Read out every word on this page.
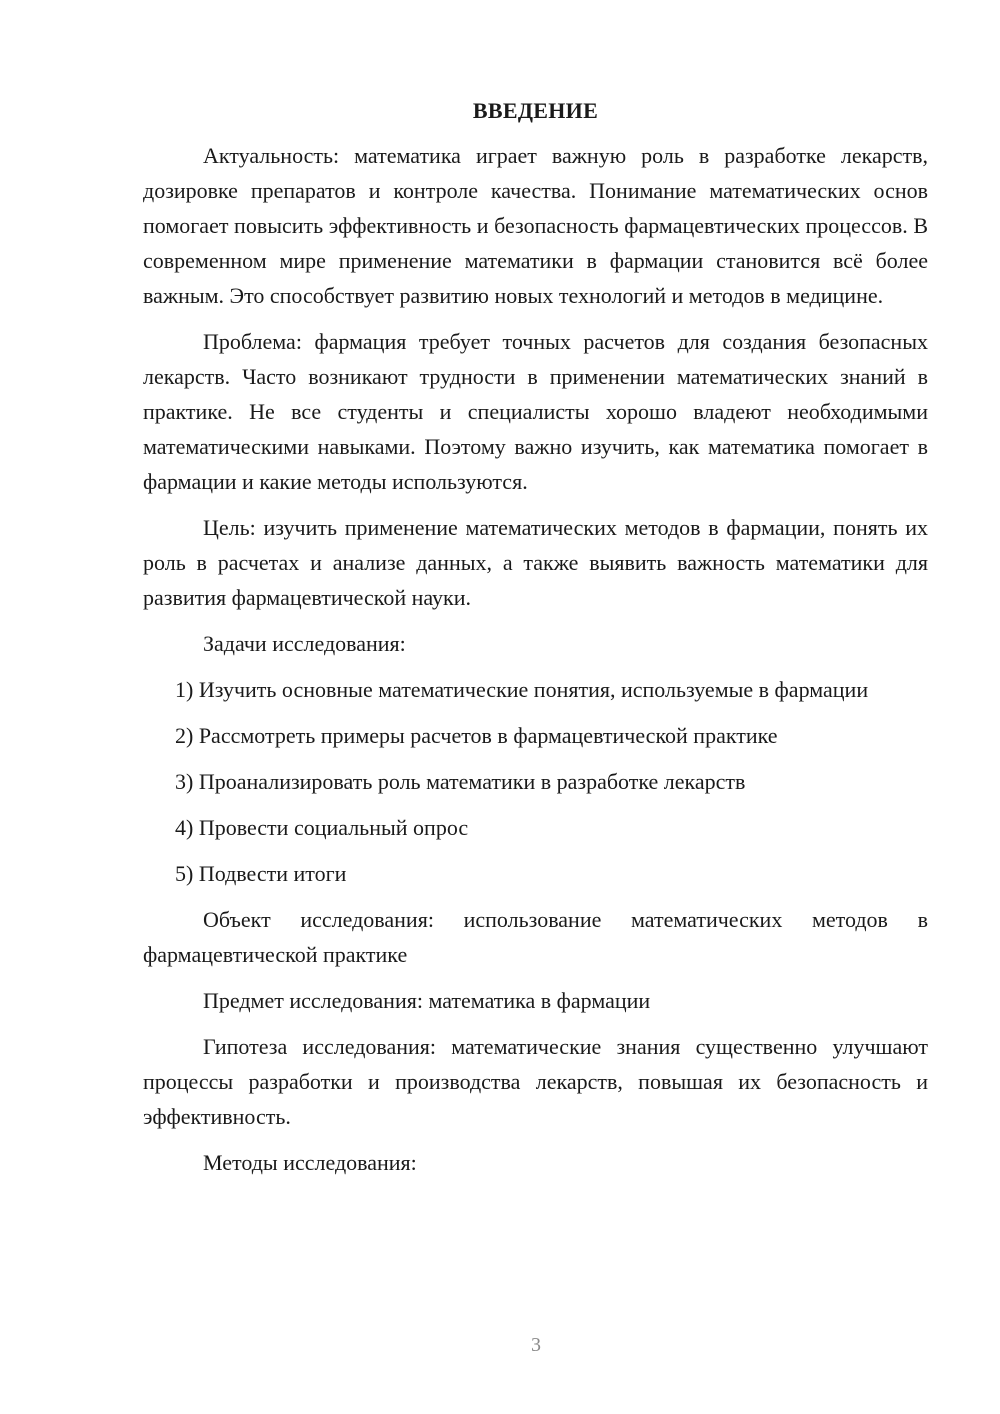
ВВЕДЕНИЕ

Актуальность: математика играет важную роль в разработке лекарств, дозировке препаратов и контроле качества. Понимание математических основ помогает повысить эффективность и безопасность фармацевтических процессов. В современном мире применение математики в фармации становится всё более важным. Это способствует развитию новых технологий и методов в медицине.

Проблема: фармация требует точных расчетов для создания безопасных лекарств. Часто возникают трудности в применении математических знаний в практике. Не все студенты и специалисты хорошо владеют необходимыми математическими навыками. Поэтому важно изучить, как математика помогает в фармации и какие методы используются.

Цель: изучить применение математических методов в фармации, понять их роль в расчетах и анализе данных, а также выявить важность математики для развития фармацевтической науки.

Задачи исследования:

1) Изучить основные математические понятия, используемые в фармации

2) Рассмотреть примеры расчетов в фармацевтической практике

3) Проанализировать роль математики в разработке лекарств

4) Провести социальный опрос

5) Подвести итоги

Объект исследования: использование математических методов в фармацевтической практике

Предмет исследования: математика в фармации

Гипотеза исследования: математические знания существенно улучшают процессы разработки и производства лекарств, повышая их безопасность и эффективность.

Методы исследования:

3
